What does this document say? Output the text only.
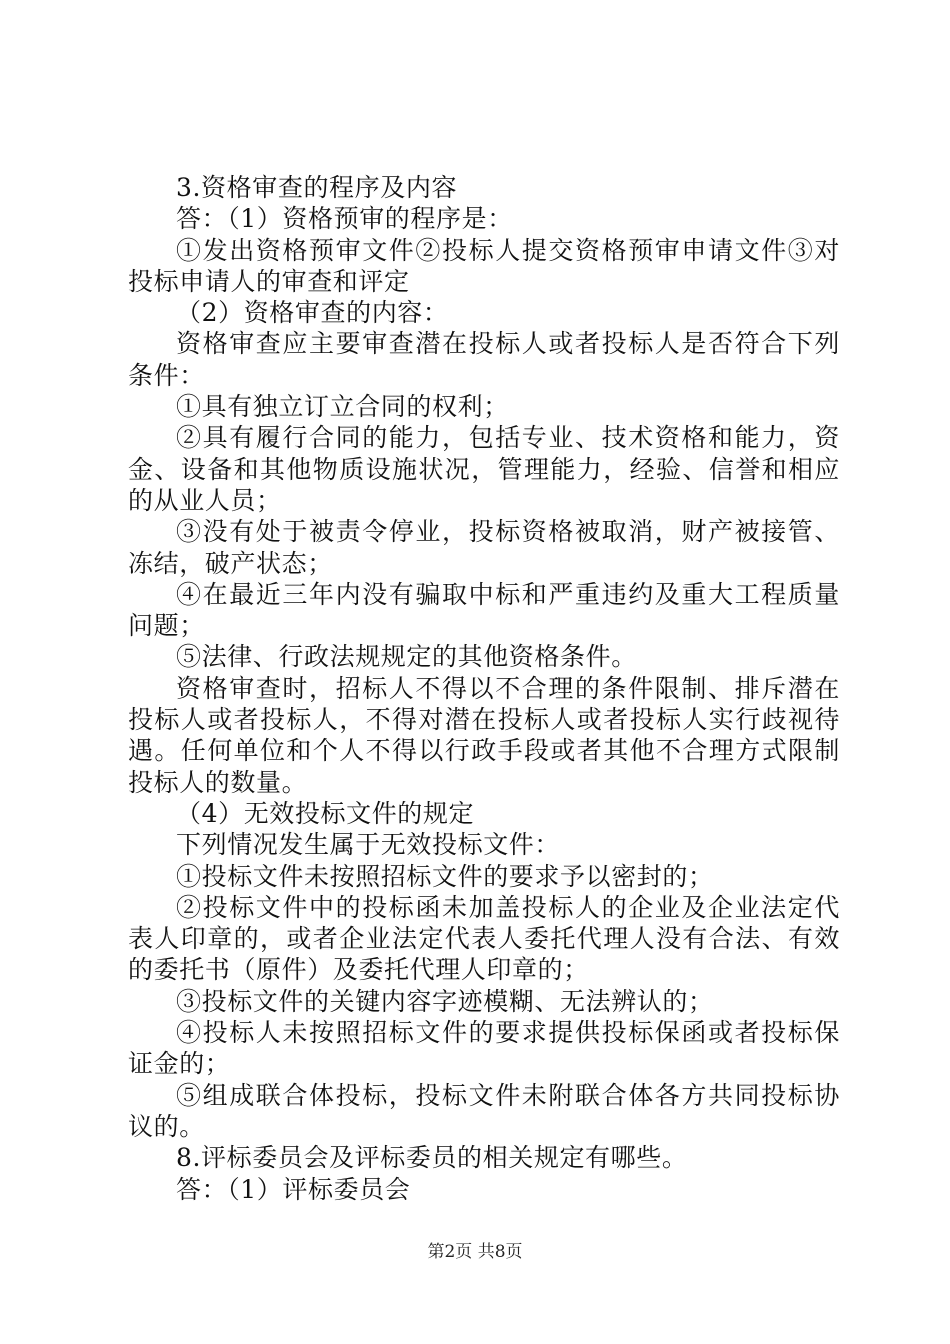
3.资格审查的程序及内容

答：（1）资格预审的程序是：

①发出资格预审文件②投标人提交资格预审申请文件③对投标申请人的审查和评定

（2）资格审查的内容：

资格审查应主要审查潜在投标人或者投标人是否符合下列条件：

①具有独立订立合同的权利；

②具有履行合同的能力，包括专业、技术资格和能力，资金、设备和其他物质设施状况，管理能力，经验、信誉和相应的从业人员；

③没有处于被责令停业，投标资格被取消，财产被接管、冻结，破产状态；

④在最近三年内没有骗取中标和严重违约及重大工程质量问题；

⑤法律、行政法规规定的其他资格条件。

资格审查时，招标人不得以不合理的条件限制、排斥潜在投标人或者投标人，不得对潜在投标人或者投标人实行歧视待遇。任何单位和个人不得以行政手段或者其他不合理方式限制投标人的数量。

（4）无效投标文件的规定

下列情况发生属于无效投标文件：

①投标文件未按照招标文件的要求予以密封的；

②投标文件中的投标函未加盖投标人的企业及企业法定代表人印章的，或者企业法定代表人委托代理人没有合法、有效的委托书（原件）及委托代理人印章的；

③投标文件的关键内容字迹模糊、无法辨认的；

④投标人未按照招标文件的要求提供投标保函或者投标保证金的；

⑤组成联合体投标，投标文件未附联合体各方共同投标协议的。

8.评标委员会及评标委员的相关规定有哪些。

答：（1）评标委员会

第2页 共8页
